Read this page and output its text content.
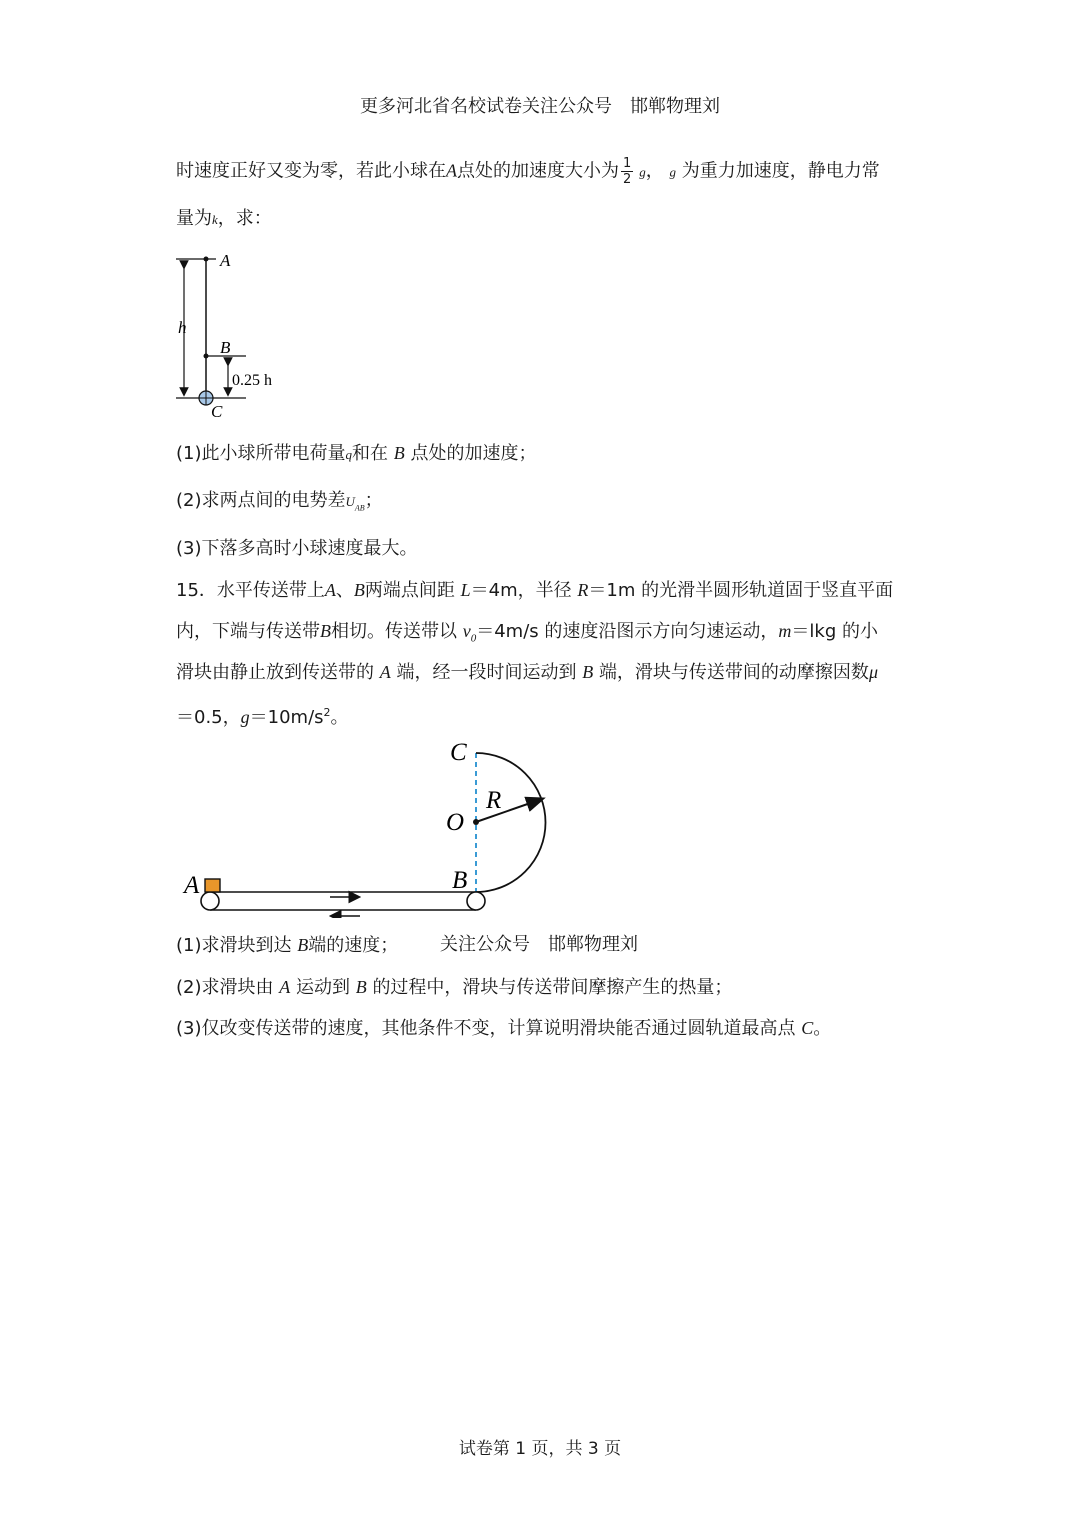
更多河北省名校试卷关注公众号　邯郸物理刘
时速度正好又变为零，若此小球在A点处的加速度大小为 $\frac{1}{2}$ g， g 为重力加速度，静电力常
量为k，求：
A
h
B
0.25 h
C
(1)此小球所带电荷量q和在 B 点处的加速度；
(2)求两点间的电势差$U_{AB}$；
(3)下落多高时小球速度最大。
15．水平传送带上A、B两端点间距 L＝4m，半径 R＝1m 的光滑半圆形轨道固于竖直平面
内，下端与传送带B相切。传送带以 $v_0=4m/s$ 的速度沿图示方向匀速运动，m＝lkg 的小
滑块由静止放到传送带的 A 端，经一段时间运动到 B 端，滑块与传送带间的动摩擦因数μ
＝0.5，$g=10m/s^2$。
C
O
R
B
A
(1)求滑块到达 B端的速度； 关注公众号　邯郸物理刘
(2)求滑块由 A 运动到 B 的过程中，滑块与传送带间摩擦产生的热量；
(3)仅改变传送带的速度，其他条件不变，计算说明滑块能否通过圆轨道最高点 C。
试卷第 1 页，共 3 页
